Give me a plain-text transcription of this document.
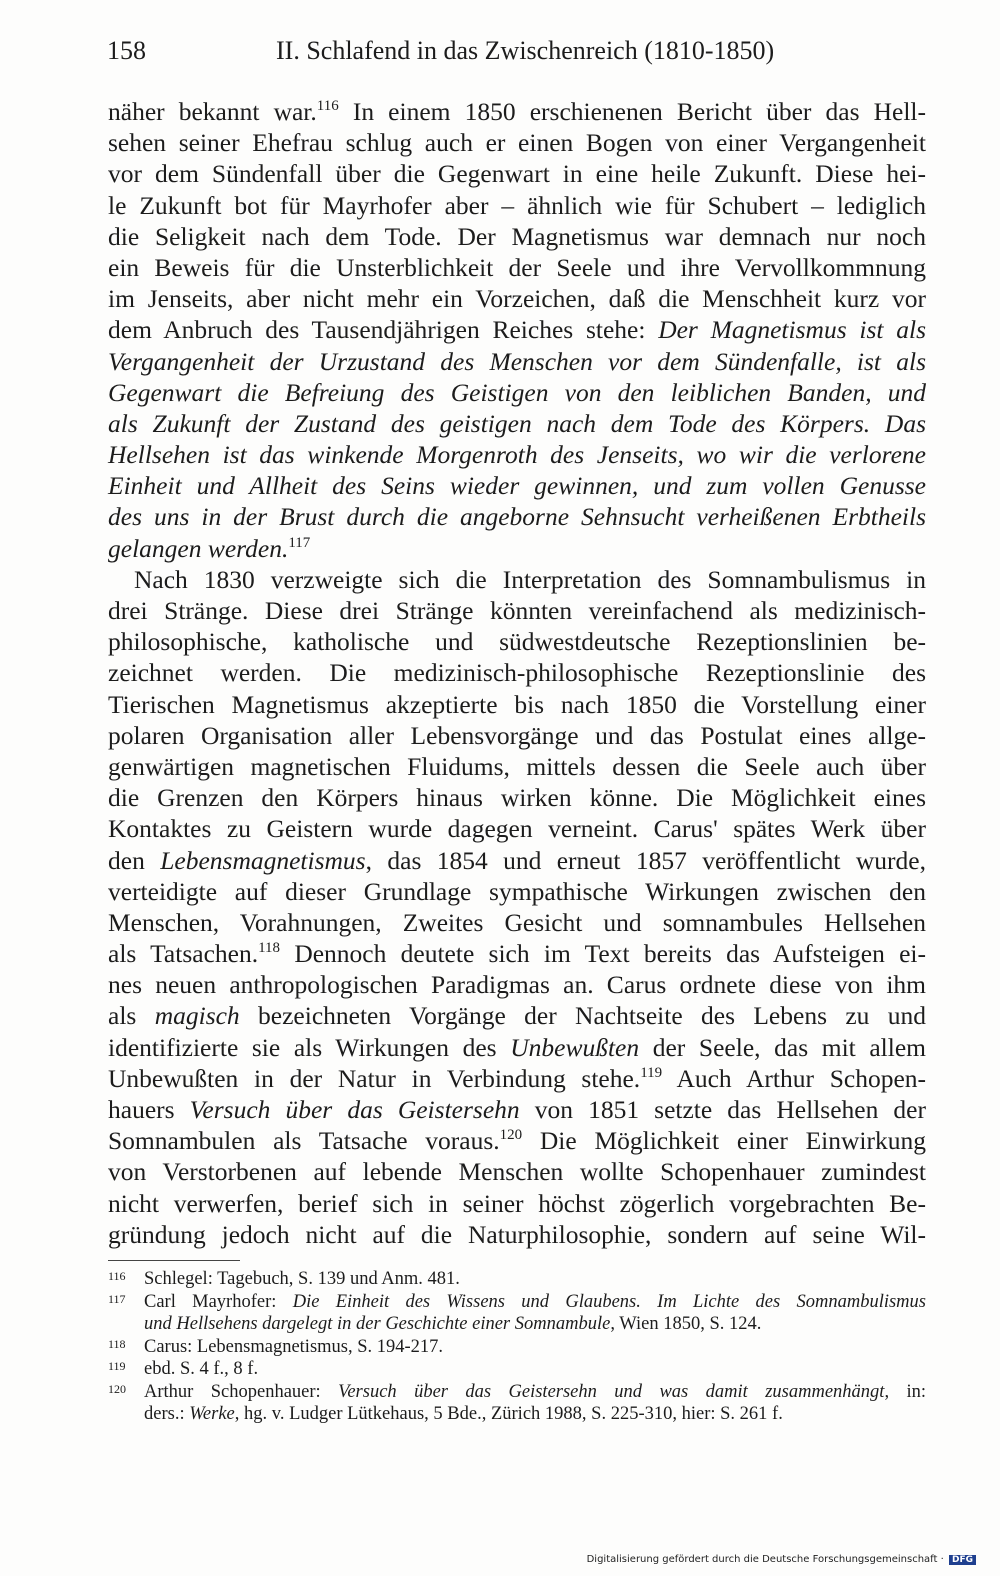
158	II. Schlafend in das Zwischenreich (1810-1850)
näher bekannt war.$^{116}$ In einem 1850 erschienenen Bericht über das Hell-
sehen seiner Ehefrau schlug auch er einen Bogen von einer Vergangenheit
vor dem Sündenfall über die Gegenwart in eine heile Zukunft. Diese hei-
le Zukunft bot für Mayrhofer aber – ähnlich wie für Schubert – lediglich
die Seligkeit nach dem Tode. Der Magnetismus war demnach nur noch
ein Beweis für die Unsterblichkeit der Seele und ihre Vervollkommnung
im Jenseits, aber nicht mehr ein Vorzeichen, daß die Menschheit kurz vor
dem Anbruch des Tausendjährigen Reiches stehe: Der Magnetismus ist als
Vergangenheit der Urzustand des Menschen vor dem Sündenfalle, ist als
Gegenwart die Befreiung des Geistigen von den leiblichen Banden, und
als Zukunft der Zustand des geistigen nach dem Tode des Körpers. Das
Hellsehen ist das winkende Morgenroth des Jenseits, wo wir die verlorene
Einheit und Allheit des Seins wieder gewinnen, und zum vollen Genusse
des uns in der Brust durch die angeborne Sehnsucht verheißenen Erbtheils
gelangen werden.$^{117}$
Nach 1830 verzweigte sich die Interpretation des Somnambulismus in
drei Stränge. Diese drei Stränge könnten vereinfachend als medizinisch-
philosophische, katholische und südwestdeutsche Rezeptionslinien be-
zeichnet werden. Die medizinisch-philosophische Rezeptionslinie des
Tierischen Magnetismus akzeptierte bis nach 1850 die Vorstellung einer
polaren Organisation aller Lebensvorgänge und das Postulat eines allge-
genwärtigen magnetischen Fluidums, mittels dessen die Seele auch über
die Grenzen den Körpers hinaus wirken könne. Die Möglichkeit eines
Kontaktes zu Geistern wurde dagegen verneint. Carus' spätes Werk über
den Lebensmagnetismus, das 1854 und erneut 1857 veröffentlicht wurde,
verteidigte auf dieser Grundlage sympathische Wirkungen zwischen den
Menschen, Vorahnungen, Zweites Gesicht und somnambules Hellsehen
als Tatsachen.$^{118}$ Dennoch deutete sich im Text bereits das Aufsteigen ei-
nes neuen anthropologischen Paradigmas an. Carus ordnete diese von ihm
als magisch bezeichneten Vorgänge der Nachtseite des Lebens zu und
identifizierte sie als Wirkungen des Unbewußten der Seele, das mit allem
Unbewußten in der Natur in Verbindung stehe.$^{119}$ Auch Arthur Schopen-
hauers Versuch über das Geistersehn von 1851 setzte das Hellsehen der
Somnambulen als Tatsache voraus.$^{120}$ Die Möglichkeit einer Einwirkung
von Verstorbenen auf lebende Menschen wollte Schopenhauer zumindest
nicht verwerfen, berief sich in seiner höchst zögerlich vorgebrachten Be-
gründung jedoch nicht auf die Naturphilosophie, sondern auf seine Wil-
116 Schlegel: Tagebuch, S. 139 und Anm. 481.
117 Carl Mayrhofer: Die Einheit des Wissens und Glaubens. Im Lichte des Somnambulismus
und Hellsehens dargelegt in der Geschichte einer Somnambule, Wien 1850, S. 124.
118 Carus: Lebensmagnetismus, S. 194-217.
119 ebd. S. 4 f., 8 f.
120 Arthur Schopenhauer: Versuch über das Geistersehn und was damit zusammenhängt, in:
ders.: Werke, hg. v. Ludger Lütkehaus, 5 Bde., Zürich 1988, S. 225-310, hier: S. 261 f.
Digitalisierung gefördert durch die Deutsche Forschungsgemeinschaft · DFG
